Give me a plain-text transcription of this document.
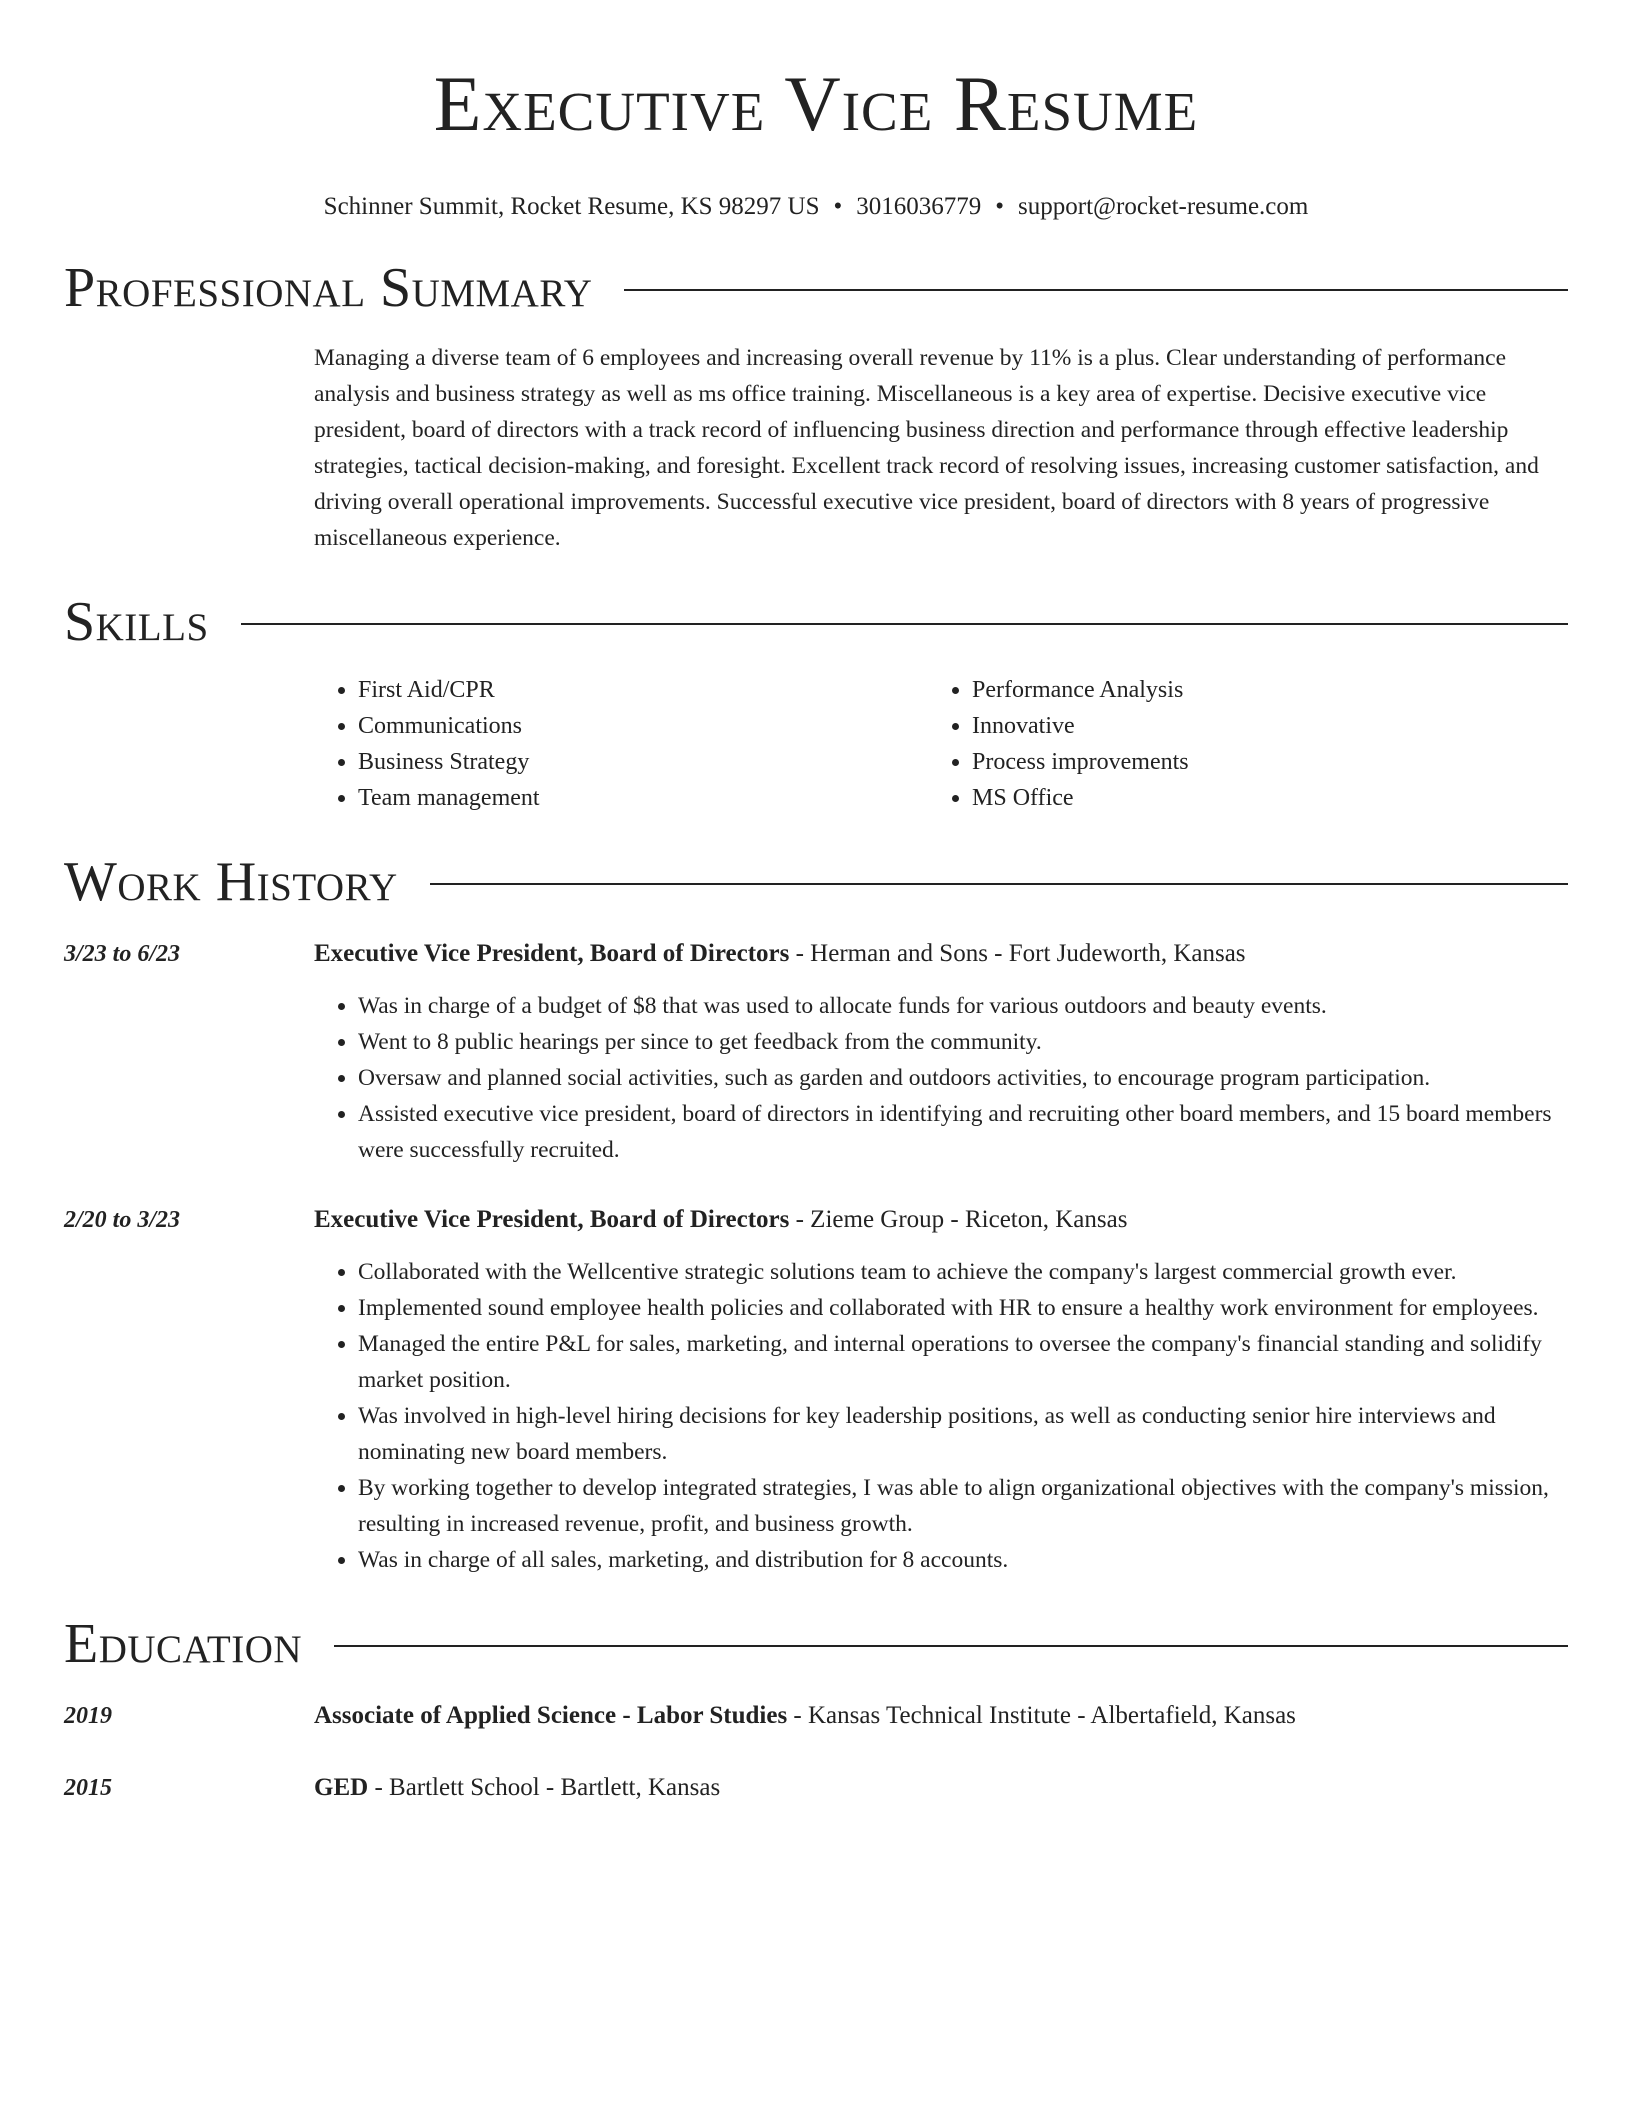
Executive Vice Resume
Schinner Summit, Rocket Resume, KS 98297 US • 3016036779 • support@rocket-resume.com
Professional Summary
Managing a diverse team of 6 employees and increasing overall revenue by 11% is a plus. Clear understanding of performance analysis and business strategy as well as ms office training. Miscellaneous is a key area of expertise. Decisive executive vice president, board of directors with a track record of influencing business direction and performance through effective leadership strategies, tactical decision-making, and foresight. Excellent track record of resolving issues, increasing customer satisfaction, and driving overall operational improvements. Successful executive vice president, board of directors with 8 years of progressive miscellaneous experience.
Skills
• First Aid/CPR
• Communications
• Business Strategy
• Team management
• Performance Analysis
• Innovative
• Process improvements
• MS Office
Work History
3/23 to 6/23	Executive Vice President, Board of Directors - Herman and Sons - Fort Judeworth, Kansas
• Was in charge of a budget of $8 that was used to allocate funds for various outdoors and beauty events.
• Went to 8 public hearings per since to get feedback from the community.
• Oversaw and planned social activities, such as garden and outdoors activities, to encourage program participation.
• Assisted executive vice president, board of directors in identifying and recruiting other board members, and 15 board members were successfully recruited.
2/20 to 3/23	Executive Vice President, Board of Directors - Zieme Group - Riceton, Kansas
• Collaborated with the Wellcentive strategic solutions team to achieve the company's largest commercial growth ever.
• Implemented sound employee health policies and collaborated with HR to ensure a healthy work environment for employees.
• Managed the entire P&L for sales, marketing, and internal operations to oversee the company's financial standing and solidify market position.
• Was involved in high-level hiring decisions for key leadership positions, as well as conducting senior hire interviews and nominating new board members.
• By working together to develop integrated strategies, I was able to align organizational objectives with the company's mission, resulting in increased revenue, profit, and business growth.
• Was in charge of all sales, marketing, and distribution for 8 accounts.
Education
2019	Associate of Applied Science - Labor Studies - Kansas Technical Institute - Albertafield, Kansas
2015	GED - Bartlett School - Bartlett, Kansas
